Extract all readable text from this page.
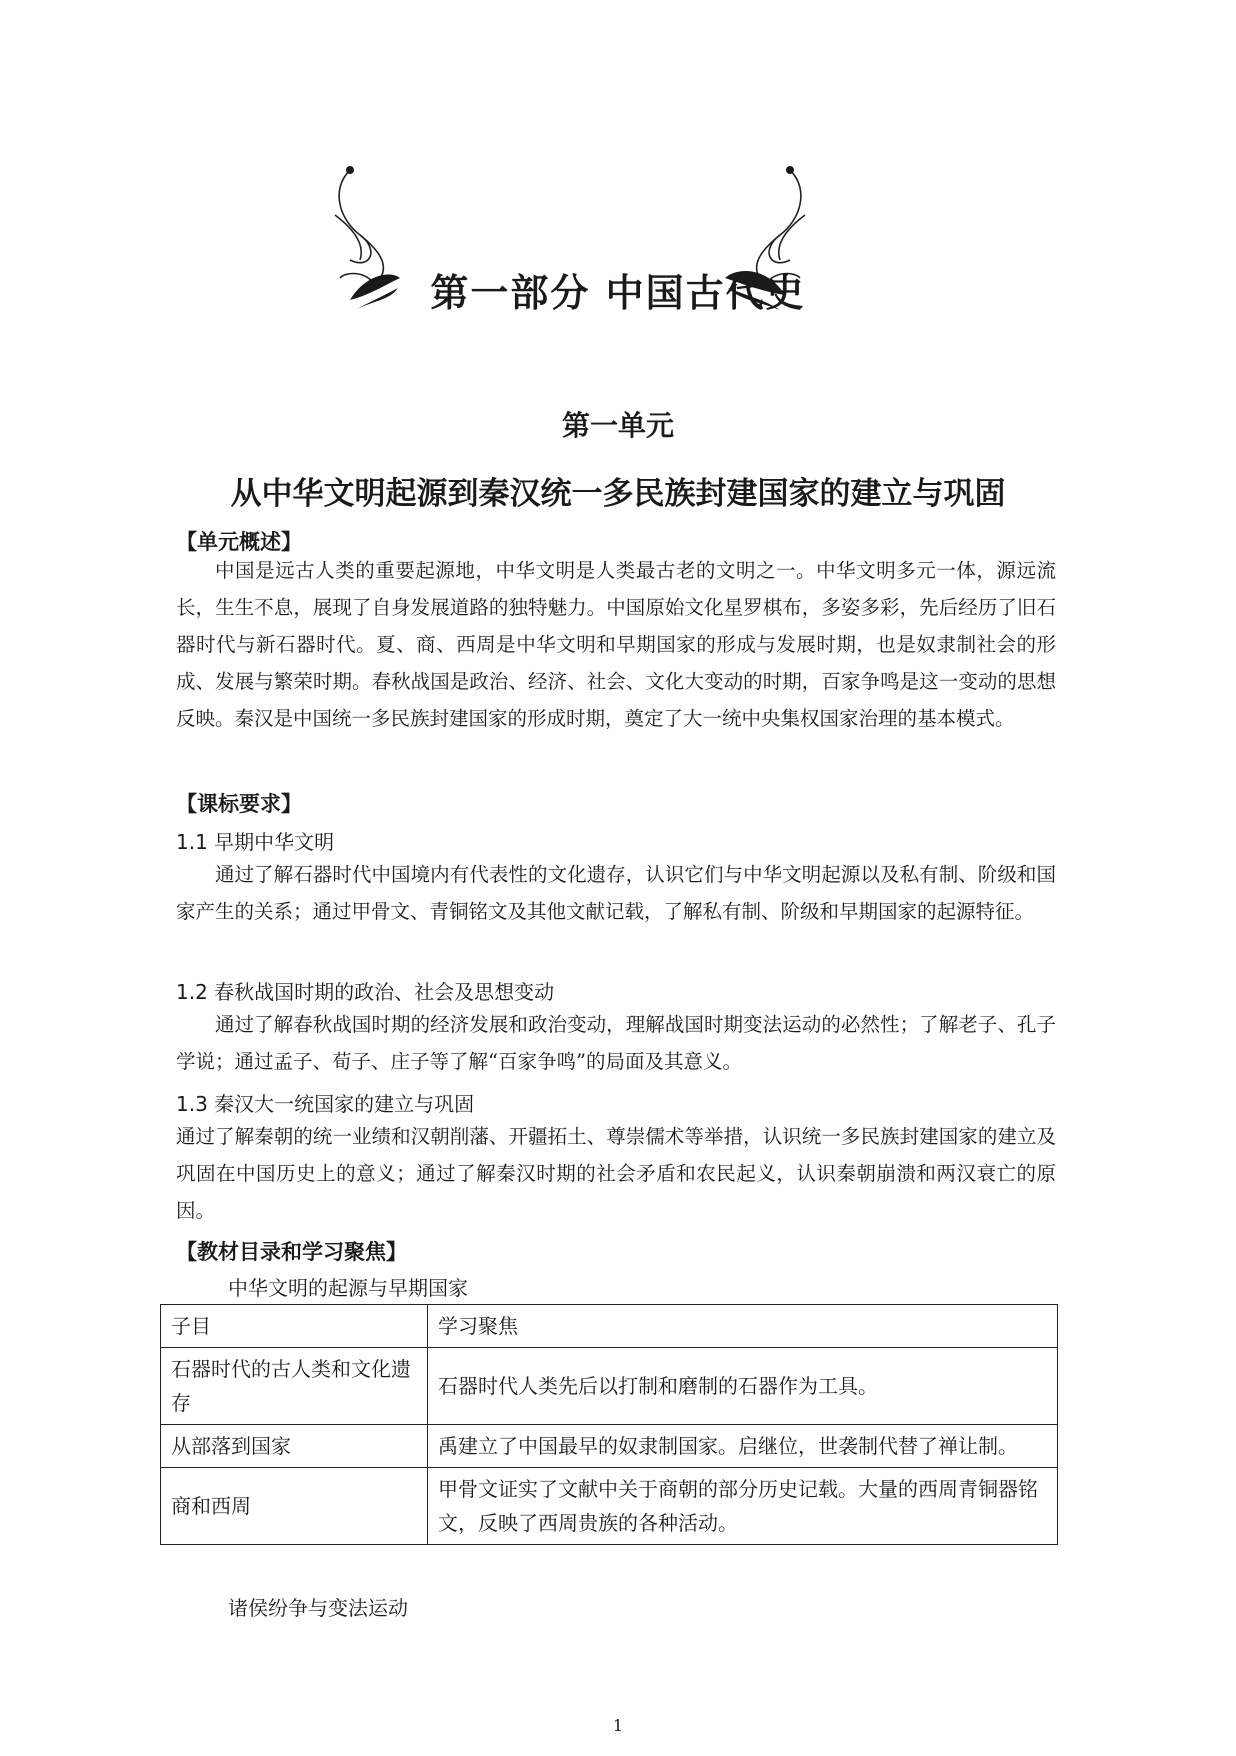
第一部分 中国古代史
第一单元
从中华文明起源到秦汉统一多民族封建国家的建立与巩固
【单元概述】
中国是远古人类的重要起源地，中华文明是人类最古老的文明之一。中华文明多元一体，源远流长，生生不息，展现了自身发展道路的独特魅力。中国原始文化星罗棋布，多姿多彩，先后经历了旧石器时代与新石器时代。夏、商、西周是中华文明和早期国家的形成与发展时期，也是奴隶制社会的形成、发展与繁荣时期。春秋战国是政治、经济、社会、文化大变动的时期，百家争鸣是这一变动的思想反映。秦汉是中国统一多民族封建国家的形成时期，奠定了大一统中央集权国家治理的基本模式。
【课标要求】
1.1 早期中华文明
通过了解石器时代中国境内有代表性的文化遗存，认识它们与中华文明起源以及私有制、阶级和国家产生的关系；通过甲骨文、青铜铭文及其他文献记载，了解私有制、阶级和早期国家的起源特征。
1.2 春秋战国时期的政治、社会及思想变动
通过了解春秋战国时期的经济发展和政治变动，理解战国时期变法运动的必然性；了解老子、孔子学说；通过孟子、荀子、庄子等了解“百家争鸣”的局面及其意义。
1.3 秦汉大一统国家的建立与巩固
通过了解秦朝的统一业绩和汉朝削藩、开疆拓土、尊崇儒术等举措，认识统一多民族封建国家的建立及巩固在中国历史上的意义；通过了解秦汉时期的社会矛盾和农民起义，认识秦朝崩溃和两汉衰亡的原因。
【教材目录和学习聚焦】
中华文明的起源与早期国家
子目	学习聚焦
石器时代的古人类和文化遗存	石器时代人类先后以打制和磨制的石器作为工具。
从部落到国家	禹建立了中国最早的奴隶制国家。启继位，世袭制代替了禅让制。
商和西周	甲骨文证实了文献中关于商朝的部分历史记载。大量的西周青铜器铭文，反映了西周贵族的各种活动。
诸侯纷争与变法运动
1
